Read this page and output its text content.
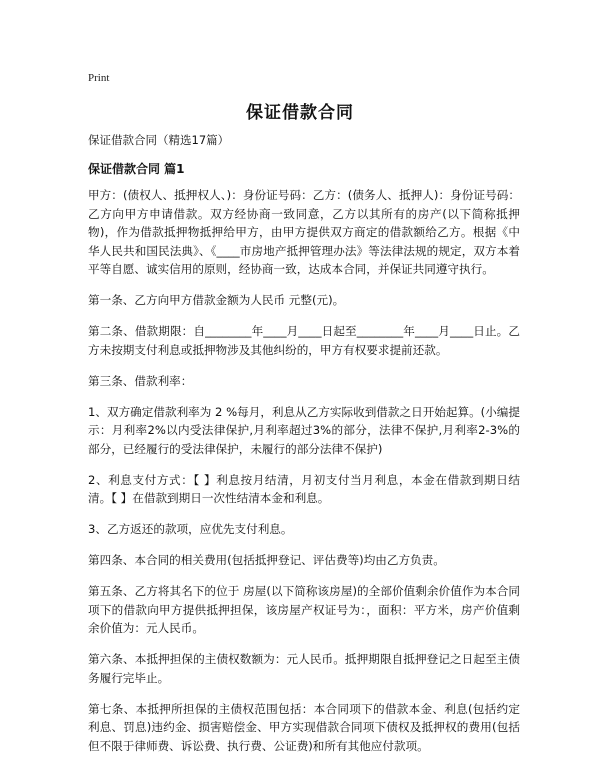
Print
保证借款合同
保证借款合同（精选17篇）
保证借款合同 篇1

甲方：(债权人、抵押权人、)：身份证号码：乙方：(债务人、抵押人)：身份证号码：乙方向甲方申请借款。双方经协商一致同意，乙方以其所有的房产(以下简称抵押物)，作为借款抵押物抵押给甲方，由甲方提供双方商定的借款额给乙方。根据《中华人民共和国民法典》、《____市房地产抵押管理办法》等法律法规的规定，双方本着平等自愿、诚实信用的原则，经协商一致，达成本合同，并保证共同遵守执行。

第一条、乙方向甲方借款金额为人民币 元整(元)。

第二条、借款期限：自________年____月____日起至________年____月____日止。乙方未按期支付利息或抵押物涉及其他纠纷的，甲方有权要求提前还款。

第三条、借款利率：

1、双方确定借款利率为 2 %每月，利息从乙方实际收到借款之日开始起算。(小编提示：月利率2%以内受法律保护,月利率超过3%的部分，法律不保护,月利率2-3%的部分，已经履行的受法律保护，未履行的部分法律不保护)

2、利息支付方式：【 】利息按月结清，月初支付当月利息，本金在借款到期日结清。【 】在借款到期日一次性结清本金和利息。

3、乙方返还的款项，应优先支付利息。

第四条、本合同的相关费用(包括抵押登记、评估费等)均由乙方负责。

第五条、乙方将其名下的位于 房屋(以下简称该房屋)的全部价值剩余价值作为本合同项下的借款向甲方提供抵押担保，该房屋产权证号为：，面积：平方米，房产价值剩余价值为：元人民币。

第六条、本抵押担保的主债权数额为：元人民币。抵押期限自抵押登记之日起至主债务履行完毕止。

第七条、本抵押所担保的主债权范围包括：本合同项下的借款本金、利息(包括约定利息、罚息)违约金、损害赔偿金、甲方实现借款合同项下债权及抵押权的费用(包括但不限于律师费、诉讼费、执行费、公证费)和所有其他应付款项。
